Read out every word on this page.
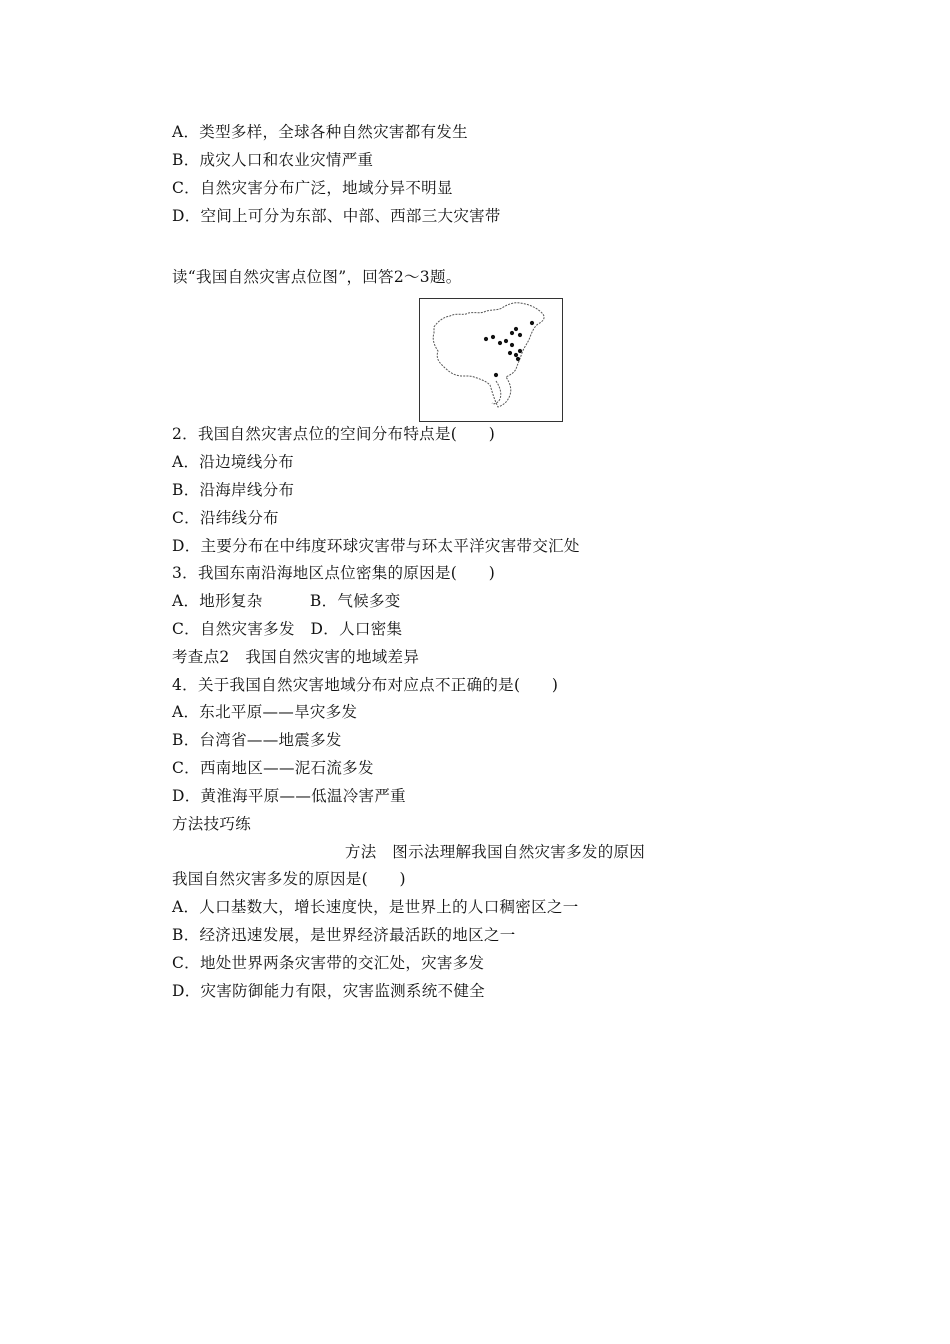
A．类型多样，全球各种自然灾害都有发生
B．成灾人口和农业灾情严重
C．自然灾害分布广泛，地域分异不明显
D．空间上可分为东部、中部、西部三大灾害带
读“我国自然灾害点位图”，回答2～3题。
2．我国自然灾害点位的空间分布特点是(　　)
A．沿边境线分布
B．沿海岸线分布
C．沿纬线分布
D．主要分布在中纬度环球灾害带与环太平洋灾害带交汇处
3．我国东南沿海地区点位密集的原因是(　　)
A．地形复杂　　　B．气候多变
C．自然灾害多发　D．人口密集
考查点2　我国自然灾害的地域差异
4．关于我国自然灾害地域分布对应点不正确的是(　　)
A．东北平原——旱灾多发
B．台湾省——地震多发
C．西南地区——泥石流多发
D．黄淮海平原——低温冷害严重
方法技巧练
方法　图示法理解我国自然灾害多发的原因
我国自然灾害多发的原因是(　　)
A．人口基数大，增长速度快，是世界上的人口稠密区之一
B．经济迅速发展，是世界经济最活跃的地区之一
C．地处世界两条灾害带的交汇处，灾害多发
D．灾害防御能力有限，灾害监测系统不健全
